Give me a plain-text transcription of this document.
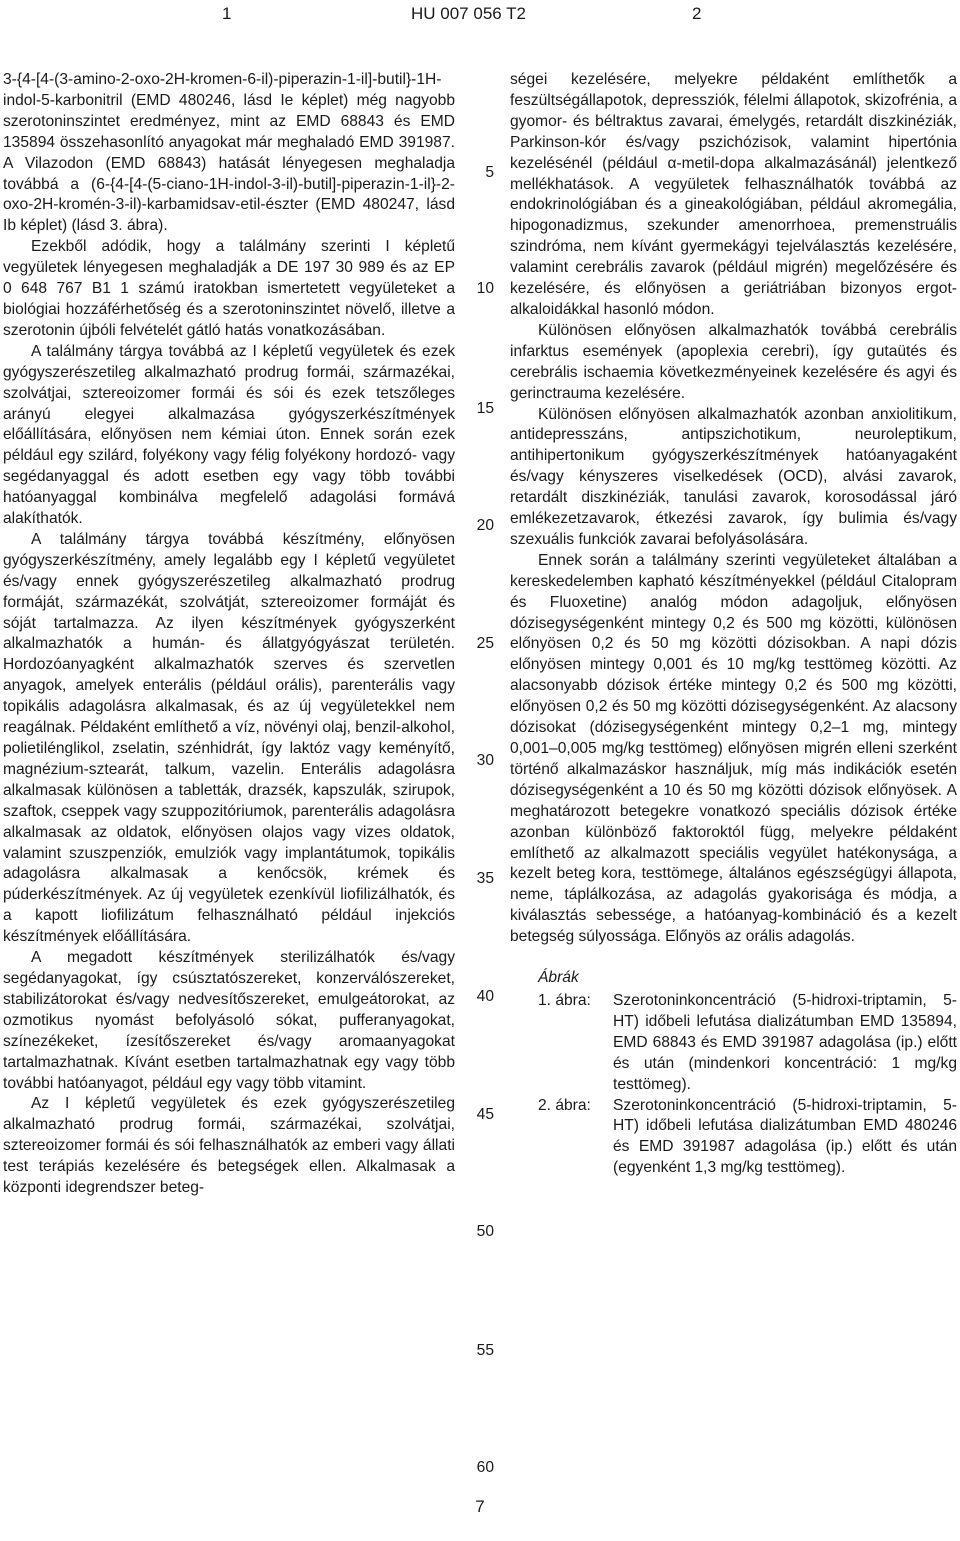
1	HU 007 056 T2	2

3-{4-[4-(3-amino-2-oxo-2H-kromen-6-il)-piperazin-1-il]-butil}-1H-indol-5-karbonitril (EMD 480246, lásd Ie képlet) még nagyobb szerotoninszintet eredményez, mint az EMD 68843 és EMD 135894 összehasonlító anyagokat már meghaladó EMD 391987. A Vilazodon (EMD 68843) hatását lényegesen meghaladja továbbá a (6-{4-[4-(5-ciano-1H-indol-3-il)-butil]-piperazin-1-il}-2-oxo-2H-kromén-3-il)-karbamidsav-etil-észter (EMD 480247, lásd Ib képlet) (lásd 3. ábra).

Ezekből adódik, hogy a találmány szerinti I képletű vegyületek lényegesen meghaladják a DE 197 30 989 és az EP 0 648 767 B1 1 számú iratokban ismertetett vegyületeket a biológiai hozzáférhetőség és a szerotoninszintet növelő, illetve a szerotonin újbóli felvételét gátló hatás vonatkozásában.

A találmány tárgya továbbá az I képletű vegyületek és ezek gyógyszerészetileg alkalmazható prodrug formái, származékai, szolvátjai, sztereoizomer formái és sói és ezek tetszőleges arányú elegyei alkalmazása gyógyszerkészítmények előállítására, előnyösen nem kémiai úton. Ennek során ezek például egy szilárd, folyékony vagy félig folyékony hordozó- vagy segédanyaggal és adott esetben egy vagy több további hatóanyaggal kombinálva megfelelő adagolási formává alakíthatók.

A találmány tárgya továbbá készítmény, előnyösen gyógyszerkészítmény, amely legalább egy I képletű vegyületet és/vagy ennek gyógyszerészetileg alkalmazható prodrug formáját, származékát, szolvátját, sztereoizomer formáját és sóját tartalmazza. Az ilyen készítmények gyógyszerként alkalmazhatók a humán- és állatgyógyászat területén. Hordozóanyagként alkalmazhatók szerves és szervetlen anyagok, amelyek enterális (például orális), parenterális vagy topikális adagolásra alkalmasak, és az új vegyületekkel nem reagálnak. Példaként említhető a víz, növényi olaj, benzil-alkohol, polietilénglikol, zselatin, szénhidrát, így laktóz vagy keményítő, magnézium-sztearát, talkum, vazelin. Enterális adagolásra alkalmasak különösen a tabletták, drazsék, kapszulák, szirupok, szaftok, cseppek vagy szuppozitóriumok, parenterális adagolásra alkalmasak az oldatok, előnyösen olajos vagy vizes oldatok, valamint szuszpenziók, emulziók vagy implantátumok, topikális adagolásra alkalmasak a kenőcsök, krémek és púderkészítmények. Az új vegyületek ezenkívül liofilizálhatók, és a kapott liofilizátum felhasználható például injekciós készítmények előállítására.

A megadott készítmények sterilizálhatók és/vagy segédanyagokat, így csúsztatószereket, konzerválószereket, stabilizátorokat és/vagy nedvesítőszereket, emulgeátorokat, az ozmotikus nyomást befolyásoló sókat, pufferanyagokat, színezékeket, ízesítőszereket és/vagy aromaanyagokat tartalmazhatnak. Kívánt esetben tartalmazhatnak egy vagy több további hatóanyagot, például egy vagy több vitamint.

Az I képletű vegyületek és ezek gyógyszerészetileg alkalmazható prodrug formái, származékai, szolvátjai, sztereoizomer formái és sói felhasználhatók az emberi vagy állati test terápiás kezelésére és betegségek ellen. Alkalmasak a központi idegrendszer beteg-

5
10
15
20
25
30
35
40
45
50
55
60

ségei kezelésére, melyekre példaként említhetők a feszültségállapotok, depressziók, félelmi állapotok, skizofrénia, a gyomor- és béltraktus zavarai, émelygés, retardált diszkinéziák, Parkinson-kór és/vagy pszichózisok, valamint hipertónia kezelésénél (például α-metil-dopa alkalmazásánál) jelentkező mellékhatások. A vegyületek felhasználhatók továbbá az endokrinológiában és a gineakológiában, például akromegália, hipogonadizmus, szekunder amenorrhoea, premenstruális szindróma, nem kívánt gyermekágyi tejelválasztás kezelésére, valamint cerebrális zavarok (például migrén) megelőzésére és kezelésére, és előnyösen a geriátriában bizonyos ergot-alkaloidákkal hasonló módon.

Különösen előnyösen alkalmazhatók továbbá cerebrális infarktus események (apoplexia cerebri), így gutaütés és cerebrális ischaemia következményeinek kezelésére és agyi és gerinctrauma kezelésére.

Különösen előnyösen alkalmazhatók azonban anxiolitikum, antidepresszáns, antipszichotikum, neuroleptikum, antihipertonikum gyógyszerkészítmények hatóanyagaként és/vagy kényszeres viselkedések (OCD), alvási zavarok, retardált diszkinéziák, tanulási zavarok, korosodással járó emlékezetzavarok, étkezési zavarok, így bulimia és/vagy szexuális funkciók zavarai befolyásolására.

Ennek során a találmány szerinti vegyületeket általában a kereskedelemben kapható készítményekkel (például Citalopram és Fluoxetine) analóg módon adagoljuk, előnyösen dózisegységenként mintegy 0,2 és 500 mg közötti, különösen előnyösen 0,2 és 50 mg közötti dózisokban. A napi dózis előnyösen mintegy 0,001 és 10 mg/kg testtömeg közötti. Az alacsonyabb dózisok értéke mintegy 0,2 és 500 mg közötti, előnyösen 0,2 és 50 mg közötti dózisegységenként. Az alacsony dózisokat (dózisegységenként mintegy 0,2–1 mg, mintegy 0,001–0,005 mg/kg testtömeg) előnyösen migrén elleni szerként történő alkalmazáskor használjuk, míg más indikációk esetén dózisegységenként a 10 és 50 mg közötti dózisok előnyösek. A meghatározott betegekre vonatkozó speciális dózisok értéke azonban különböző faktoroktól függ, melyekre példaként említhető az alkalmazott speciális vegyület hatékonysága, a kezelt beteg kora, testtömege, általános egészségügyi állapota, neme, táplálkozása, az adagolás gyakorisága és módja, a kiválasztás sebessége, a hatóanyag-kombináció és a kezelt betegség súlyossága. Előnyös az orális adagolás.

Ábrák

1. ábra: Szerotoninkoncentráció (5-hidroxi-triptamin, 5-HT) időbeli lefutása dializátumban EMD 135894, EMD 68843 és EMD 391987 adagolása (ip.) előtt és után (mindenkori koncentráció: 1 mg/kg testtömeg).
2. ábra: Szerotoninkoncentráció (5-hidroxi-triptamin, 5-HT) időbeli lefutása dializátumban EMD 480246 és EMD 391987 adagolása (ip.) előtt és után (egyenként 1,3 mg/kg testtömeg).
7
